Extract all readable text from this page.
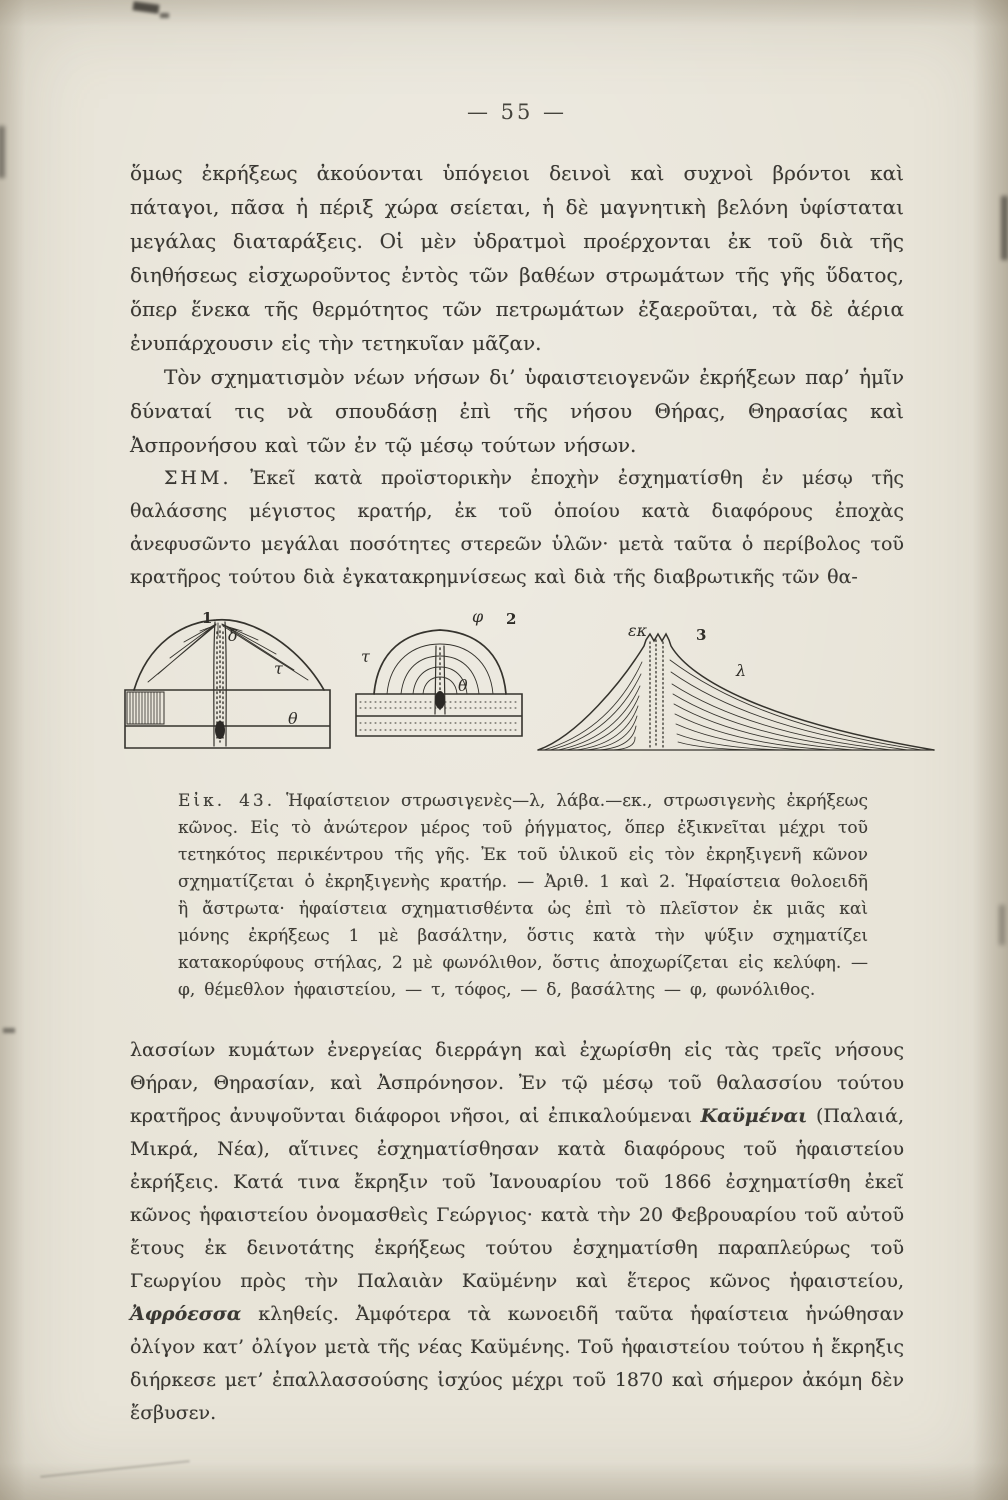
— 55 —

ὅμως ἐκρήξεως ἀκούονται ὑπόγειοι δεινοὶ καὶ συχνοὶ βρόντοι καὶ πάταγοι, πᾶσα ἡ πέριξ χώρα σείεται, ἡ δὲ μαγνητικὴ βελόνη ὑφίσταται μεγάλας διαταράξεις. Οἱ μὲν ὑδρατμοὶ προέρχονται ἐκ τοῦ διὰ τῆς διηθήσεως εἰσχωροῦντος ἐντὸς τῶν βαθέων στρωμάτων τῆς γῆς ὕδατος, ὅπερ ἕνεκα τῆς θερμότητος τῶν πετρωμάτων ἐξαεροῦται, τὰ δὲ ἀέρια ἐνυπάρχουσιν εἰς τὴν τετηκυῖαν μᾶζαν.

Τὸν σχηματισμὸν νέων νήσων δι’ ὑφαιστειογενῶν ἐκρήξεων παρ’ ἡμῖν δύναταί τις νὰ σπουδάσῃ ἐπὶ τῆς νήσου Θήρας, Θηρασίας καὶ Ἀσπρονήσου καὶ τῶν ἐν τῷ μέσῳ τούτων νήσων.

ΣΗΜ. Ἐκεῖ κατὰ προϊστορικὴν ἐποχὴν ἐσχηματίσθη ἐν μέσῳ τῆς θαλάσσης μέγιστος κρατήρ, ἐκ τοῦ ὁποίου κατὰ διαφόρους ἐποχὰς ἀνεφυσῶντο μεγάλαι ποσότητες στερεῶν ὑλῶν· μετὰ ταῦτα ὁ περίβολος τοῦ κρατῆρος τούτου διὰ ἐγκατακρημνίσεως καὶ διὰ τῆς διαβρωτικῆς τῶν θα-

1
δ
τ
θ
φ 2
τ
θ
εκ	3
λ

Εἰκ. 43. Ἡφαίστειον στρωσιγενὲς—λ, λάβα.—εκ., στρωσιγενὴς ἐκρήξεως κῶνος. Εἰς τὸ ἀνώτερον μέρος τοῦ ῥήγματος, ὅπερ ἐξικνεῖται μέχρι τοῦ τετηκότος περικέντρου τῆς γῆς. Ἐκ τοῦ ὑλικοῦ εἰς τὸν ἐκρηξιγενῆ κῶνον σχηματίζεται ὁ ἐκρηξιγενὴς κρατήρ. — Ἀριθ. 1 καὶ 2. Ἡφαίστεια θολοειδῆ ἢ ἄστρωτα· ἡφαίστεια σχηματισθέντα ὡς ἐπὶ τὸ πλεῖστον ἐκ μιᾶς καὶ μόνης ἐκρήξεως 1 μὲ βασάλτην, ὅστις κατὰ τὴν ψύξιν σχηματίζει κατακορύφους στήλας, 2 μὲ φωνόλιθον, ὅστις ἀποχωρίζεται εἰς κελύφη. — φ, θέμεθλον ἡφαιστείου, — τ, τόφος, — δ, βασάλτης — φ, φωνόλιθος.

λασσίων κυμάτων ἐνεργείας διερράγη καὶ ἐχωρίσθη εἰς τὰς τρεῖς νήσους Θήραν, Θηρασίαν, καὶ Ἀσπρόνησον. Ἐν τῷ μέσῳ τοῦ θαλασσίου τούτου κρατῆρος ἀνυψοῦνται διάφοροι νῆσοι, αἱ ἐπικαλούμεναι Καϋμέναι (Παλαιά, Μικρά, Νέα), αἵτινες ἐσχηματίσθησαν κατὰ διαφόρους τοῦ ἡφαιστείου ἐκρήξεις. Κατά τινα ἔκρηξιν τοῦ Ἰανουαρίου τοῦ 1866 ἐσχηματίσθη ἐκεῖ κῶνος ἡφαιστείου ὀνομασθεὶς Γεώργιος· κατὰ τὴν 20 Φεβρουαρίου τοῦ αὐτοῦ ἔτους ἐκ δεινοτάτης ἐκρήξεως τούτου ἐσχηματίσθη παραπλεύρως τοῦ Γεωργίου πρὸς τὴν Παλαιὰν Καϋμένην καὶ ἕτερος κῶνος ἡφαιστείου, Ἀφρόεσσα κληθείς. Ἀμφότερα τὰ κωνοειδῆ ταῦτα ἡφαίστεια ἡνώθησαν ὀλίγον κατ’ ὀλίγον μετὰ τῆς νέας Καϋμένης. Τοῦ ἡφαιστείου τούτου ἡ ἔκρηξις διήρκεσε μετ’ ἐπαλλασσούσης ἰσχύος μέχρι τοῦ 1870 καὶ σήμερον ἀκόμη δὲν ἔσβυσεν.
